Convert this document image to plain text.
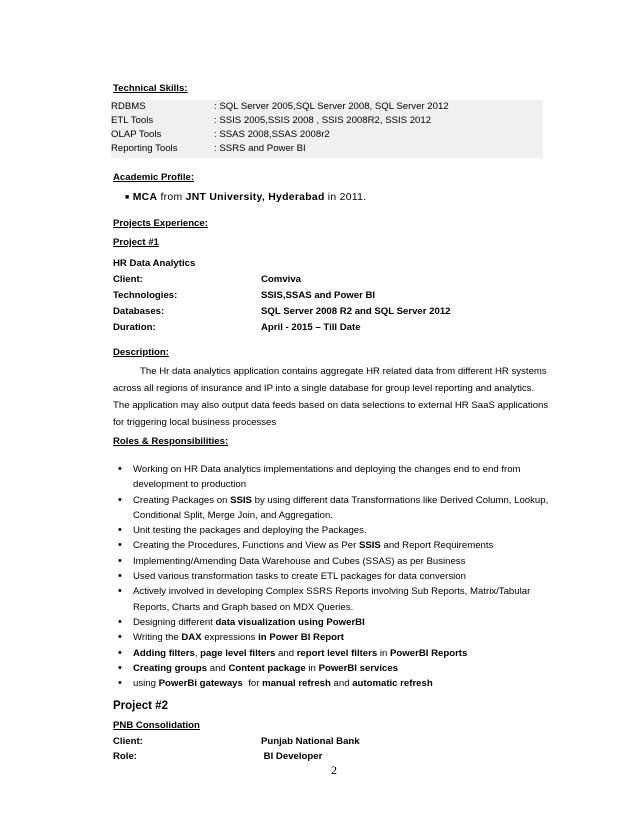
Technical Skills:
RDBMS	: SQL Server 2005,SQL Server 2008, SQL Server 2012
ETL Tools	: SSIS 2005,SSIS 2008 , SSIS 2008R2, SSIS 2012
OLAP Tools	: SSAS 2008,SSAS 2008r2
Reporting Tools	: SSRS and Power BI
Academic Profile:
■ MCA from JNT University, Hyderabad in 2011.
Projects Experience:
Project #1
HR Data Analytics
Client:	Comviva
Technologies:	SSIS,SSAS and Power BI
Databases:	SQL Server 2008 R2 and SQL Server 2012
Duration:	April - 2015 – Till Date
Description:
The Hr data analytics application contains aggregate HR related data from different HR systems across all regions of insurance and IP into a single database for group level reporting and analytics. The application may also output data feeds based on data selections to external HR SaaS applications for triggering local business processes
Roles & Responsibilities:
• Working on HR Data analytics implementations and deploying the changes end to end from development to production
• Creating Packages on SSIS by using different data Transformations like Derived Column, Lookup, Conditional Split, Merge Join, and Aggregation.
• Unit testing the packages and deploying the Packages.
• Creating the Procedures, Functions and View as Per SSIS and Report Requirements
• Implementing/Amending Data Warehouse and Cubes (SSAS) as per Business
• Used various transformation tasks to create ETL packages for data conversion
• Actively involved in developing Complex SSRS Reports involving Sub Reports, Matrix/Tabular Reports, Charts and Graph based on MDX Queries.
• Designing different data visualization using PowerBI
• Writing the DAX expressions in Power BI Report
• Adding filters, page level filters and report level filters in PowerBI Reports
• Creating groups and Content package in PowerBI services
• using PowerBi gateways  for manual refresh and automatic refresh
Project #2
PNB Consolidation
Client:	Punjab National Bank
Role:	BI Developer
2
